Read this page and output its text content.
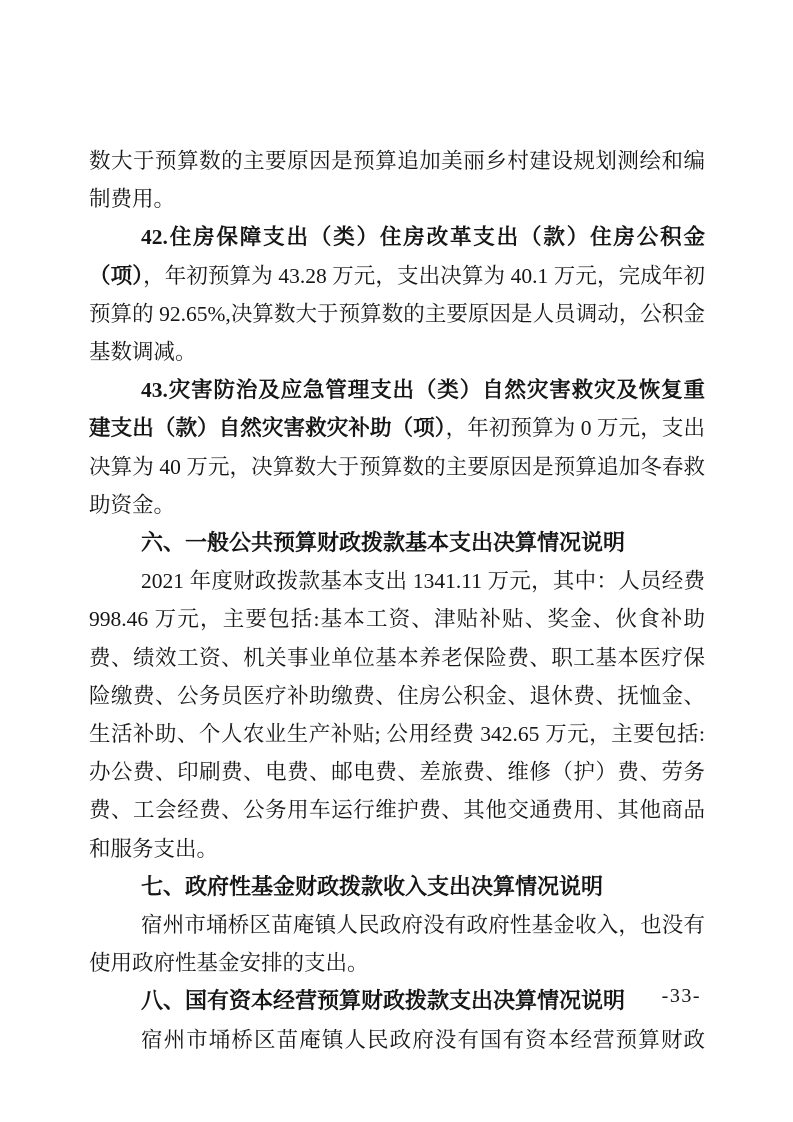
数大于预算数的主要原因是预算追加美丽乡村建设规划测绘和编制费用。

42.住房保障支出（类）住房改革支出（款）住房公积金（项），年初预算为 43.28 万元，支出决算为 40.1 万元，完成年初预算的 92.65%,决算数大于预算数的主要原因是人员调动，公积金基数调减。

43.灾害防治及应急管理支出（类）自然灾害救灾及恢复重建支出（款）自然灾害救灾补助（项），年初预算为 0 万元，支出决算为 40 万元，决算数大于预算数的主要原因是预算追加冬春救助资金。

六、一般公共预算财政拨款基本支出决算情况说明

2021 年度财政拨款基本支出 1341.11 万元，其中：人员经费 998.46 万元，主要包括:基本工资、津贴补贴、奖金、伙食补助费、绩效工资、机关事业单位基本养老保险费、职工基本医疗保险缴费、公务员医疗补助缴费、住房公积金、退休费、抚恤金、生活补助、个人农业生产补贴; 公用经费 342.65 万元，主要包括:办公费、印刷费、电费、邮电费、差旅费、维修（护）费、劳务费、工会经费、公务用车运行维护费、其他交通费用、其他商品和服务支出。

七、政府性基金财政拨款收入支出决算情况说明

宿州市埇桥区苗庵镇人民政府没有政府性基金收入，也没有使用政府性基金安排的支出。

八、国有资本经营预算财政拨款支出决算情况说明

宿州市埇桥区苗庵镇人民政府没有国有资本经营预算财政

-33-
